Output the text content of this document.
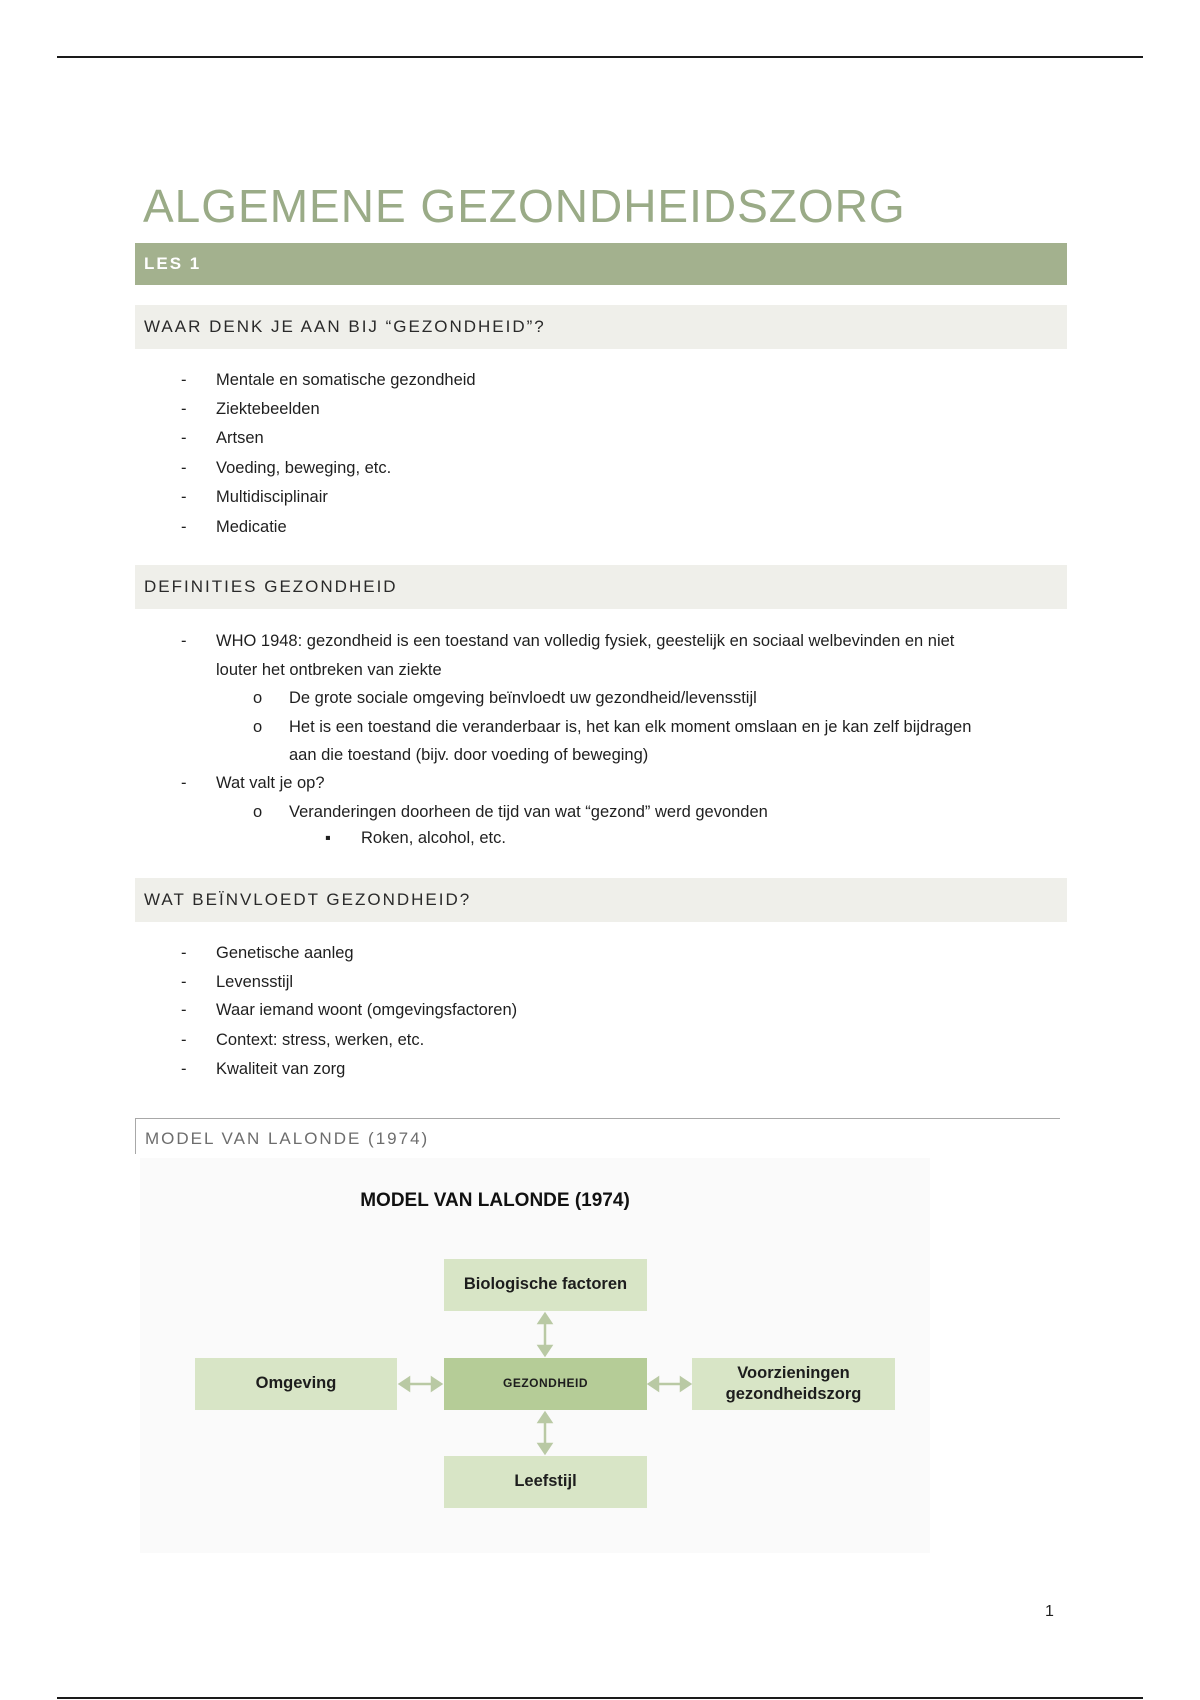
ALGEMENE GEZONDHEIDSZORG
LES 1
WAAR DENK JE AAN BIJ “GEZONDHEID”?
- Mentale en somatische gezondheid
- Ziektebeelden
- Artsen
- Voeding, beweging, etc.
- Multidisciplinair
- Medicatie
DEFINITIES GEZONDHEID
- WHO 1948: gezondheid is een toestand van volledig fysiek, geestelijk en sociaal welbevinden en niet
louter het ontbreken van ziekte
o De grote sociale omgeving beïnvloedt uw gezondheid/levensstijl
o Het is een toestand die veranderbaar is, het kan elk moment omslaan en je kan zelf bijdragen
aan die toestand (bijv. door voeding of beweging)
- Wat valt je op?
o Veranderingen doorheen de tijd van wat “gezond” werd gevonden
▪ Roken, alcohol, etc.
WAT BEÏNVLOEDT GEZONDHEID?
- Genetische aanleg
- Levensstijl
- Waar iemand woont (omgevingsfactoren)
- Context: stress, werken, etc.
- Kwaliteit van zorg
MODEL VAN LALONDE (1974)
MODEL VAN LALONDE (1974)
Biologische factoren
Omgeving	GEZONDHEID
Voorzieningen
gezondheidszorg
Leefstijl
1
